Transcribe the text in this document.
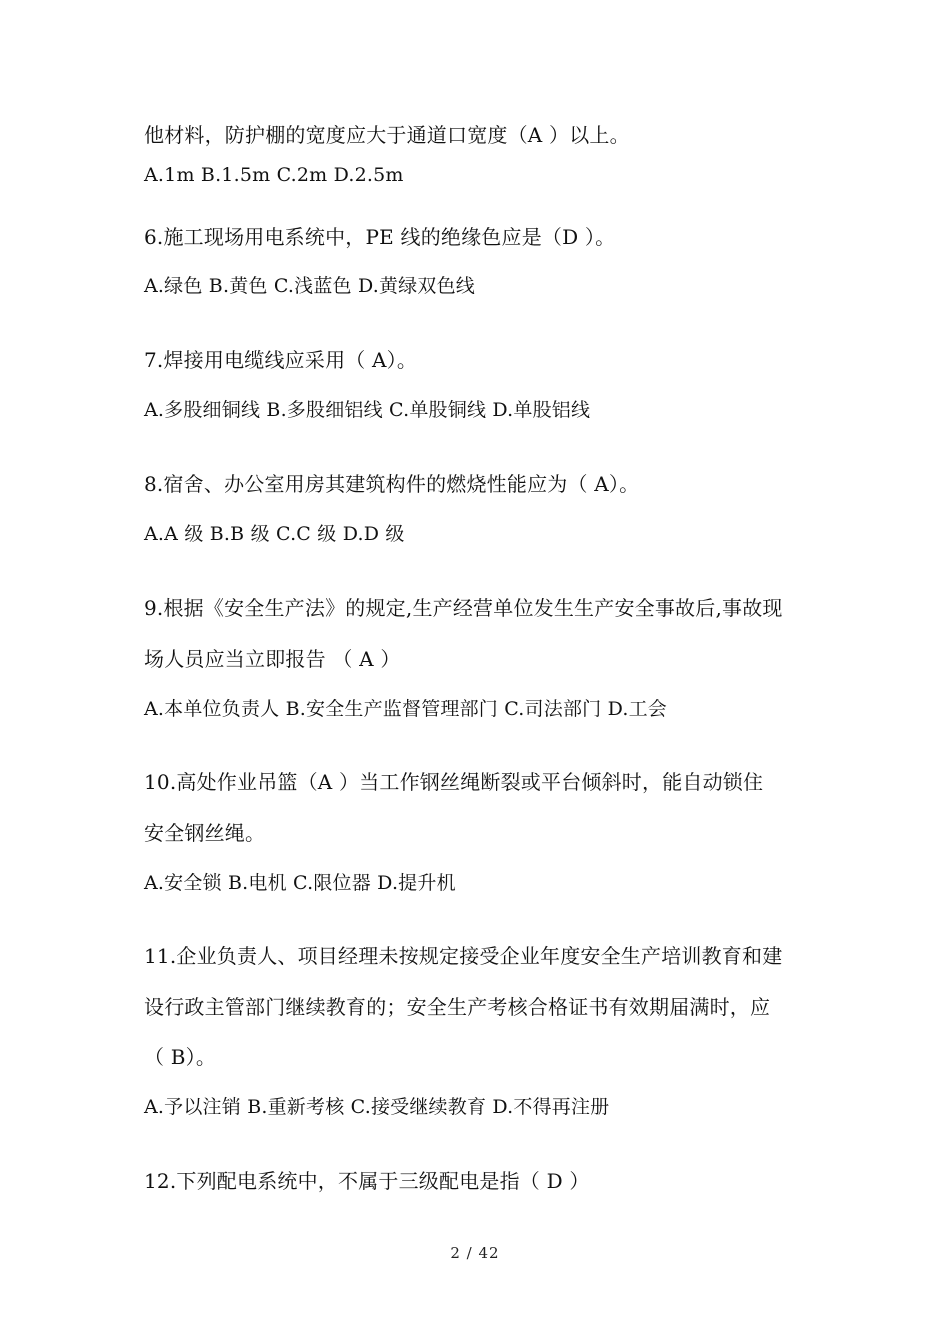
他材料，防护棚的宽度应大于通道口宽度（A ）以上。
A.1m B.1.5m C.2m D.2.5m
6.施工现场用电系统中，PE 线的绝缘色应是（D ）。
A.绿色 B.黄色 C.浅蓝色 D.黄绿双色线
7.焊接用电缆线应采用（ A）。
A.多股细铜线 B.多股细铝线 C.单股铜线 D.单股铝线
8.宿舍、办公室用房其建筑构件的燃烧性能应为（ A）。
A.A 级 B.B 级 C.C 级 D.D 级
9.根据《安全生产法》的规定,生产经营单位发生生产安全事故后,事故现
场人员应当立即报告 （ A ）
A.本单位负责人 B.安全生产监督管理部门 C.司法部门 D.工会
10.高处作业吊篮（A ）当工作钢丝绳断裂或平台倾斜时，能自动锁住
安全钢丝绳。
A.安全锁 B.电机 C.限位器 D.提升机
11.企业负责人、项目经理未按规定接受企业年度安全生产培训教育和建
设行政主管部门继续教育的；安全生产考核合格证书有效期届满时，应
（ B）。
A.予以注销 B.重新考核 C.接受继续教育 D.不得再注册
12.下列配电系统中，不属于三级配电是指（ D ）
2 / 42
